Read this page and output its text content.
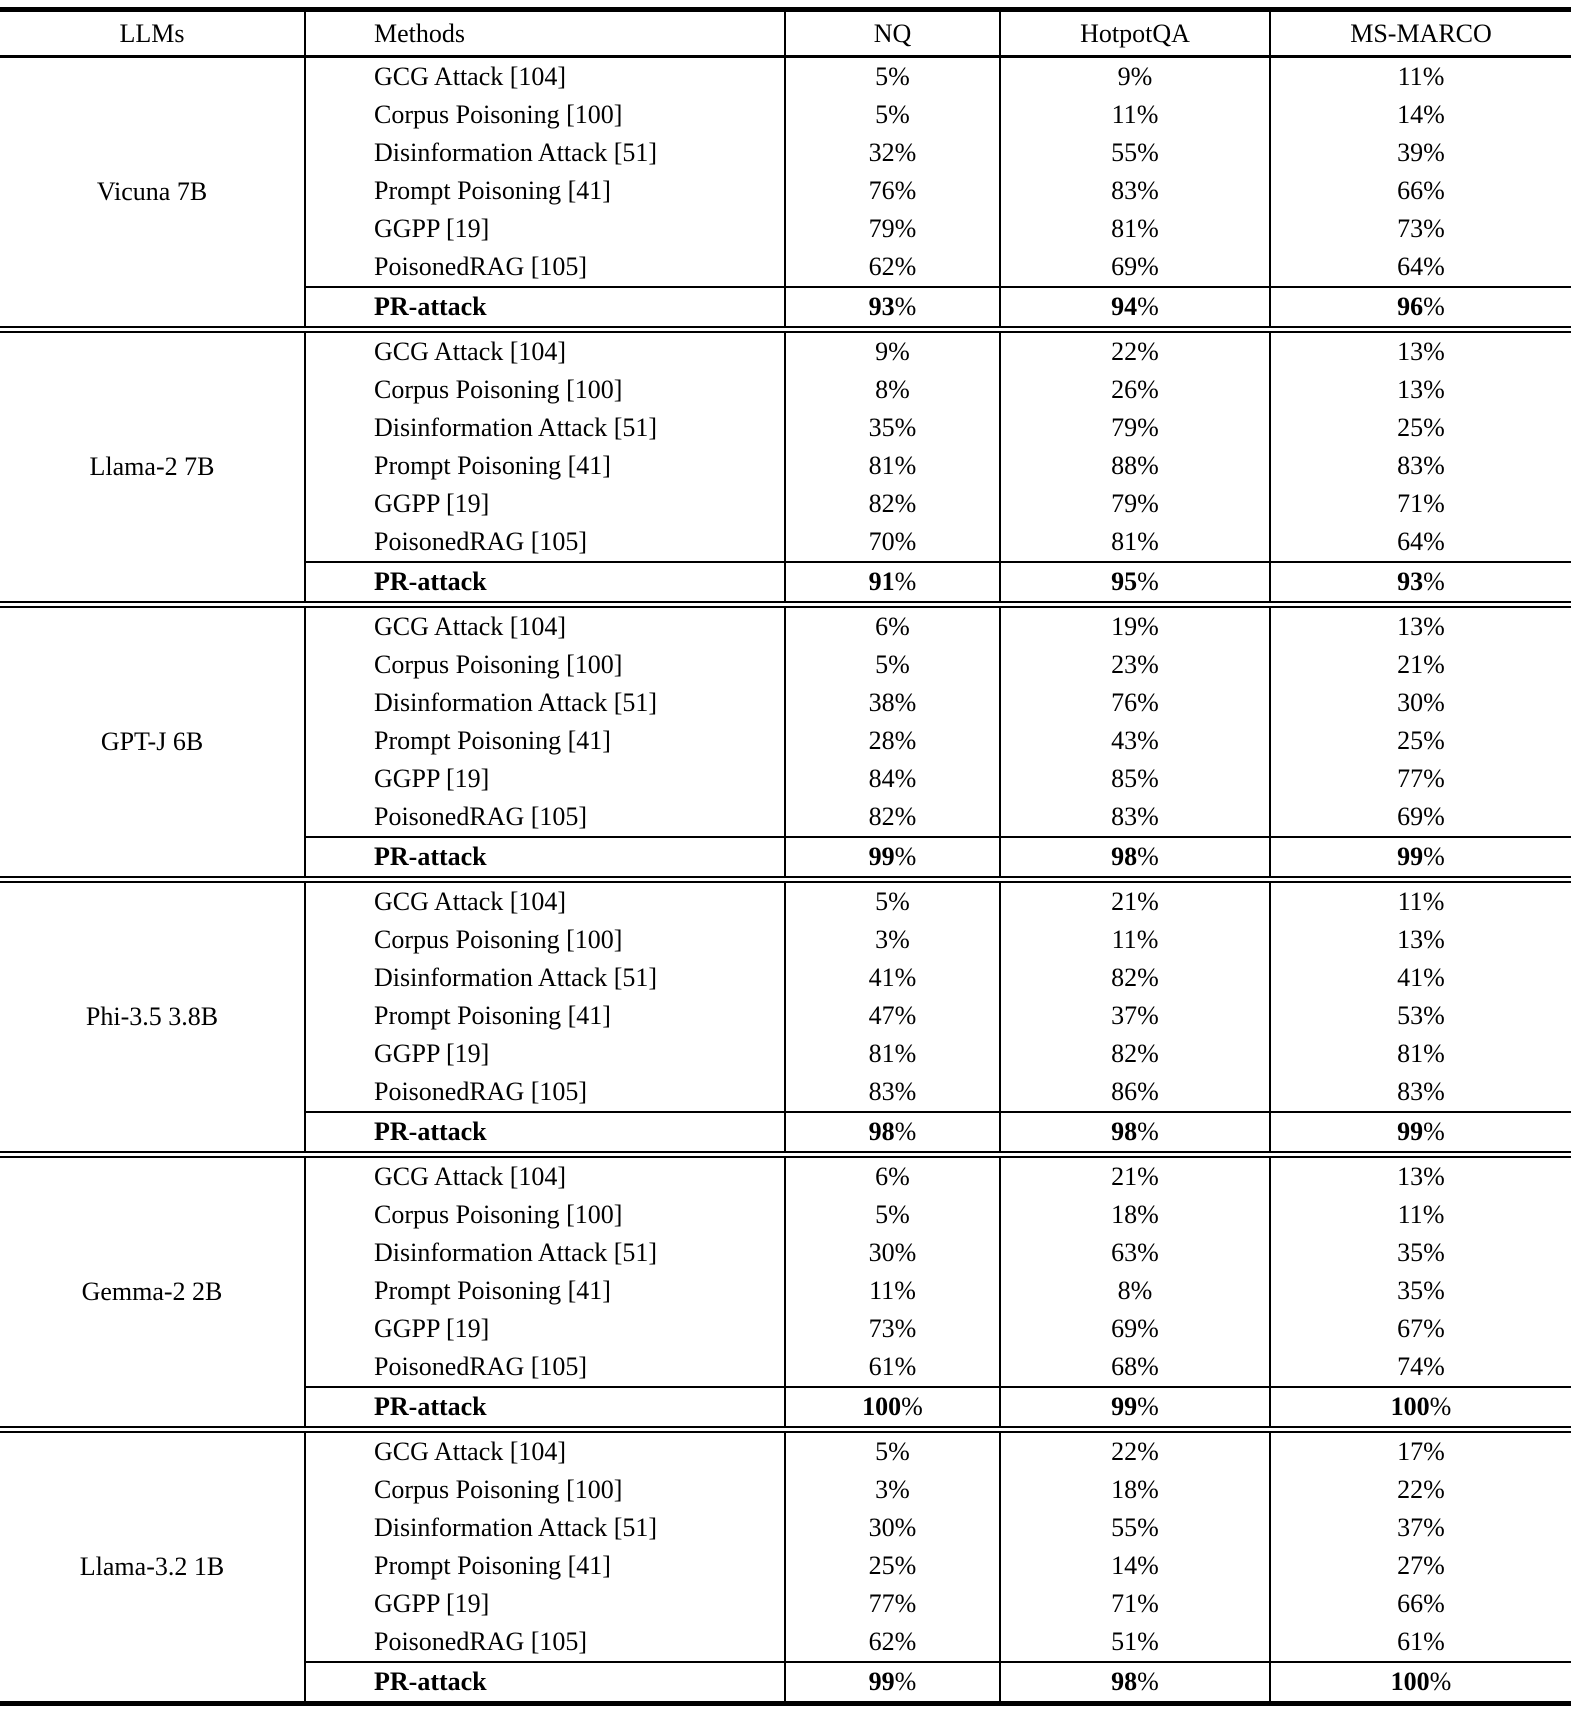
LLMs	Methods	NQ	HotpotQA	MS-MARCO
Vicuna 7B	GCG Attack [104]	5%	9%	11%
	Corpus Poisoning [100]	5%	11%	14%
	Disinformation Attack [51]	32%	55%	39%
	Prompt Poisoning [41]	76%	83%	66%
	GGPP [19]	79%	81%	73%
	PoisonedRAG [105]	62%	69%	64%
	PR-attack	93%	94%	96%
Llama-2 7B	GCG Attack [104]	9%	22%	13%
	Corpus Poisoning [100]	8%	26%	13%
	Disinformation Attack [51]	35%	79%	25%
	Prompt Poisoning [41]	81%	88%	83%
	GGPP [19]	82%	79%	71%
	PoisonedRAG [105]	70%	81%	64%
	PR-attack	91%	95%	93%
GPT-J 6B	GCG Attack [104]	6%	19%	13%
	Corpus Poisoning [100]	5%	23%	21%
	Disinformation Attack [51]	38%	76%	30%
	Prompt Poisoning [41]	28%	43%	25%
	GGPP [19]	84%	85%	77%
	PoisonedRAG [105]	82%	83%	69%
	PR-attack	99%	98%	99%
Phi-3.5 3.8B	GCG Attack [104]	5%	21%	11%
	Corpus Poisoning [100]	3%	11%	13%
	Disinformation Attack [51]	41%	82%	41%
	Prompt Poisoning [41]	47%	37%	53%
	GGPP [19]	81%	82%	81%
	PoisonedRAG [105]	83%	86%	83%
	PR-attack	98%	98%	99%
Gemma-2 2B	GCG Attack [104]	6%	21%	13%
	Corpus Poisoning [100]	5%	18%	11%
	Disinformation Attack [51]	30%	63%	35%
	Prompt Poisoning [41]	11%	8%	35%
	GGPP [19]	73%	69%	67%
	PoisonedRAG [105]	61%	68%	74%
	PR-attack	100%	99%	100%
Llama-3.2 1B	GCG Attack [104]	5%	22%	17%
	Corpus Poisoning [100]	3%	18%	22%
	Disinformation Attack [51]	30%	55%	37%
	Prompt Poisoning [41]	25%	14%	27%
	GGPP [19]	77%	71%	66%
	PoisonedRAG [105]	62%	51%	61%
	PR-attack	99%	98%	100%
